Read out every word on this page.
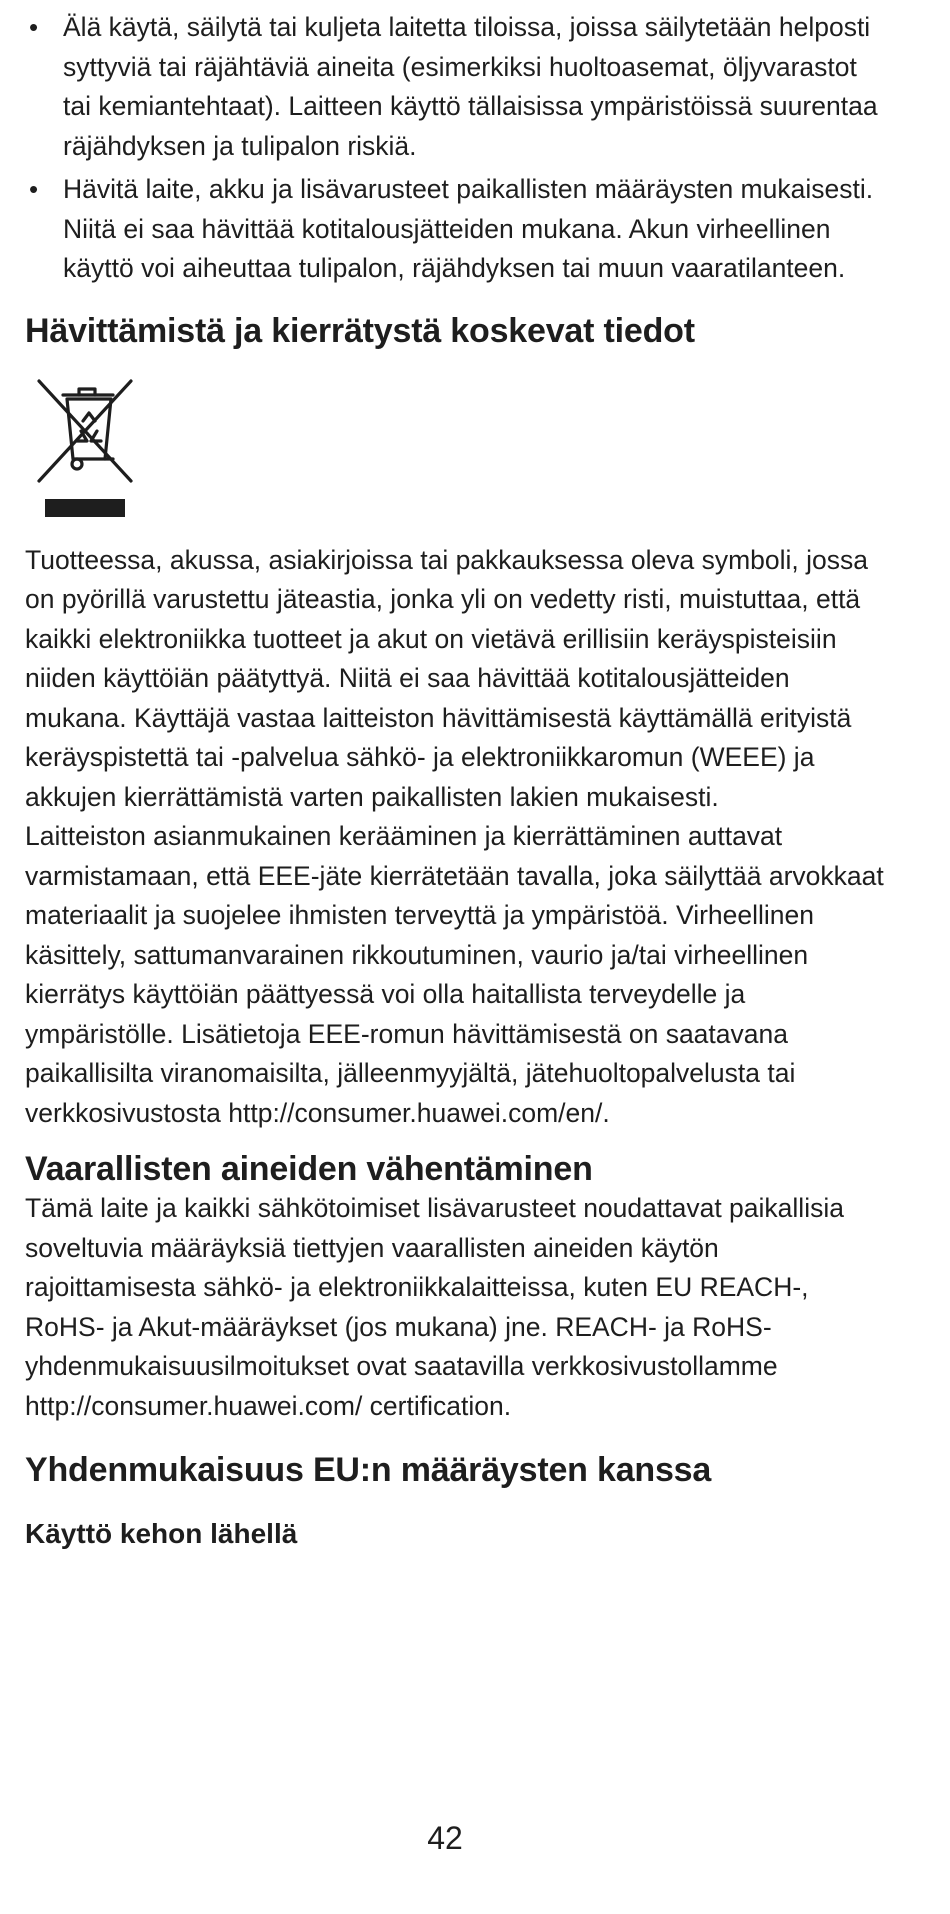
• Älä käytä, säilytä tai kuljeta laitetta tiloissa, joissa säilytetään helposti syttyviä tai räjähtäviä aineita (esimerkiksi huoltoasemat, öljyvarastot tai kemiantehtaat). Laitteen käyttö tällaisissa ympäristöissä suurentaa räjähdyksen ja tulipalon riskiä.
• Hävitä laite, akku ja lisävarusteet paikallisten määräysten mukaisesti. Niitä ei saa hävittää kotitalousjätteiden mukana. Akun virheellinen käyttö voi aiheuttaa tulipalon, räjähdyksen tai muun vaaratilanteen.
Hävittämistä ja kierrätystä koskevat tiedot

Tuotteessa, akussa, asiakirjoissa tai pakkauksessa oleva symboli, jossa on pyörillä varustettu jäteastia, jonka yli on vedetty risti, muistuttaa, että kaikki elektroniikka tuotteet ja akut on vietävä erillisiin keräyspisteisiin niiden käyttöiän päätyttyä. Niitä ei saa hävittää kotitalousjätteiden mukana. Käyttäjä vastaa laitteiston hävittämisestä käyttämällä erityistä keräyspistettä tai -palvelua sähkö- ja elektroniikkaromun (WEEE) ja akkujen kierrättämistä varten paikallisten lakien mukaisesti.

Laitteiston asianmukainen kerääminen ja kierrättäminen auttavat varmistamaan, että EEE-jäte kierrätetään tavalla, joka säilyttää arvokkaat materiaalit ja suojelee ihmisten terveyttä ja ympäristöä. Virheellinen käsittely, sattumanvarainen rikkoutuminen, vaurio ja/tai virheellinen kierrätys käyttöiän päättyessä voi olla haitallista terveydelle ja ympäristölle. Lisätietoja EEE-romun hävittämisestä on saatavana paikallisilta viranomaisilta, jälleenmyyjältä, jätehuoltopalvelusta tai verkkosivustosta http://consumer.huawei.com/en/.

Vaarallisten aineiden vähentäminen

Tämä laite ja kaikki sähkötoimiset lisävarusteet noudattavat paikallisia soveltuvia määräyksiä tiettyjen vaarallisten aineiden käytön rajoittamisesta sähkö- ja elektroniikkalaitteissa, kuten EU REACH-, RoHS- ja Akut-määräykset (jos mukana) jne. REACH- ja RoHS-yhdenmukaisuusilmoitukset ovat saatavilla verkkosivustollamme http://consumer.huawei.com/ certification.

Yhdenmukaisuus EU:n määräysten kanssa
Käyttö kehon lähellä
42
